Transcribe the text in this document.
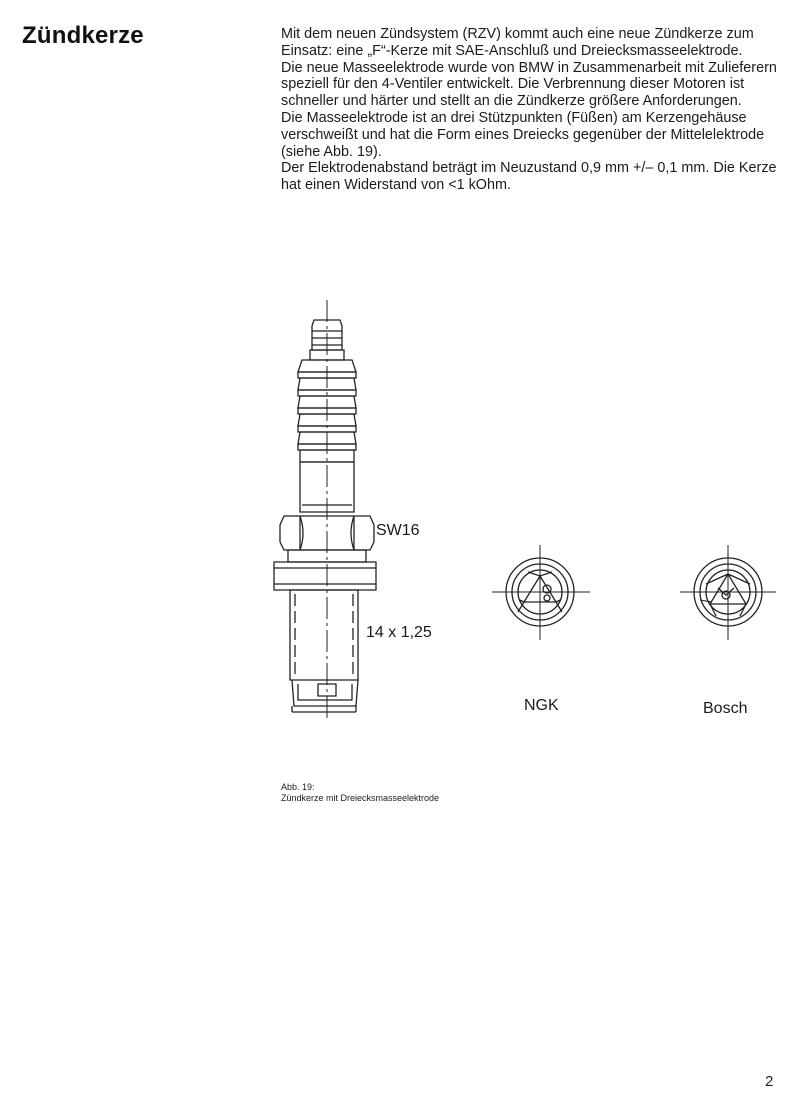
Zündkerze	Mit dem neuen Zündsystem (RZV) kommt auch eine neue Zündkerze zum Einsatz: eine „F“-Kerze mit SAE-Anschluß und Dreiecksmasseelektrode.

Die neue Masseelektrode wurde von BMW in Zusammenarbeit mit Zulieferern speziell für den 4-Ventiler entwickelt. Die Verbrennung dieser Motoren ist schneller und härter und stellt an die Zündkerze größere Anforderungen.

Die Masseelektrode ist an drei Stützpunkten (Füßen) am Kerzengehäuse verschweißt und hat die Form eines Dreiecks gegenüber der Mittelelektrode (siehe Abb. 19).

Der Elektrodenabstand beträgt im Neuzustand 0,9 mm +/– 0,1 mm. Die Kerze hat einen Widerstand von <1 kOhm.

SW16
14 x 1,25
NGK	Bosch
Abb. 19:
Zündkerze mit Dreiecksmasseelektrode
2
